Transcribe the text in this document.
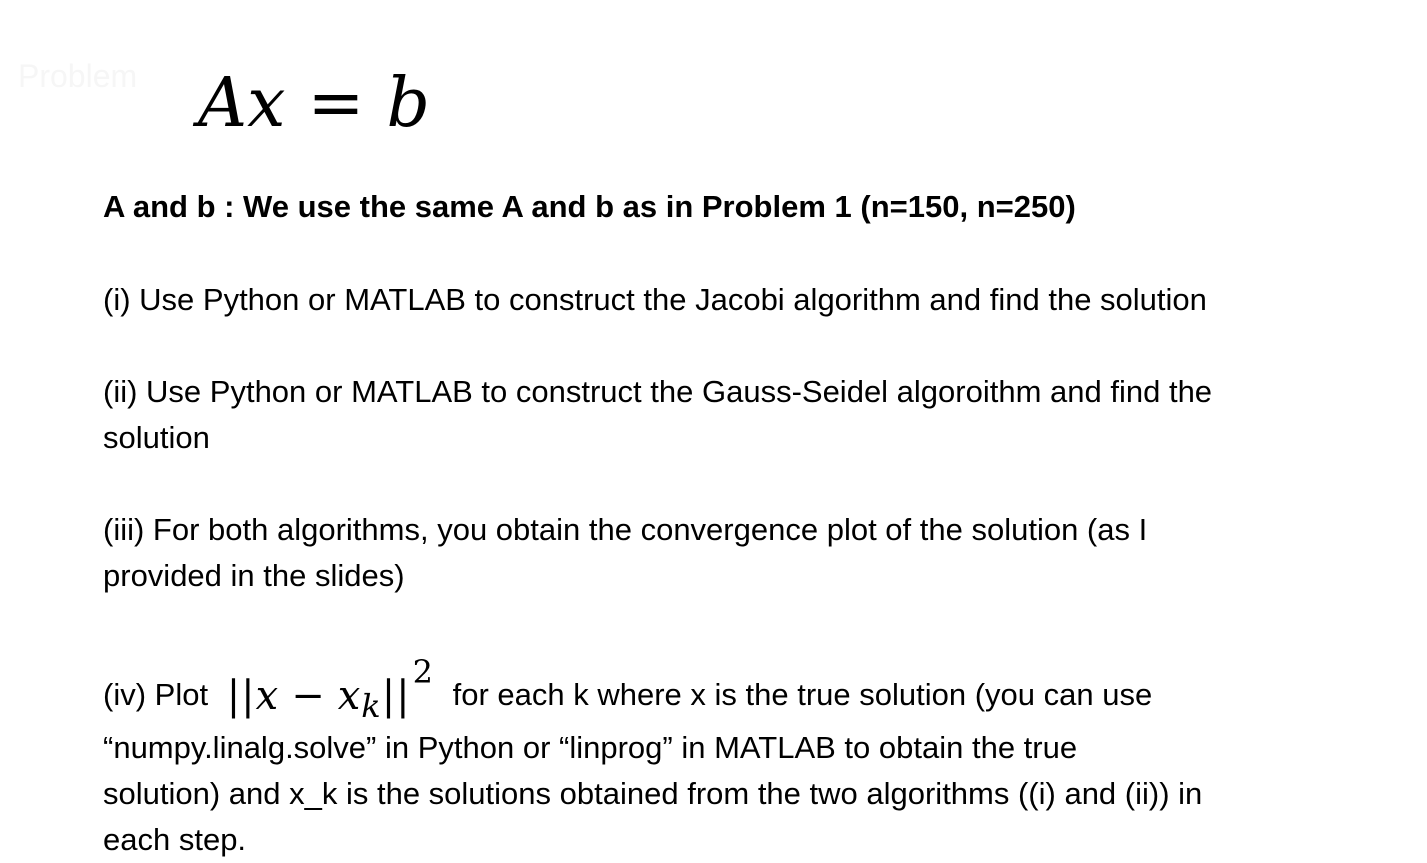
Problem Ax = b
A and b : We use the same A and b as in Problem 1 (n=150, n=250)
(i) Use Python or MATLAB to construct the Jacobi algorithm and find the solution
(ii) Use Python or MATLAB to construct the Gauss-Seidel algoroithm and find the
solution
(iii) For both algorithms, you obtain the convergence plot of the solution (as I
provided in the slides)
(iv) Plot $||x - x_k||^2$ for each k where x is the true solution (you can use
“numpy.linalg.solve” in Python or “linprog” in MATLAB to obtain the true
solution) and x_k is the solutions obtained from the two algorithms ((i) and (ii)) in
each step.
